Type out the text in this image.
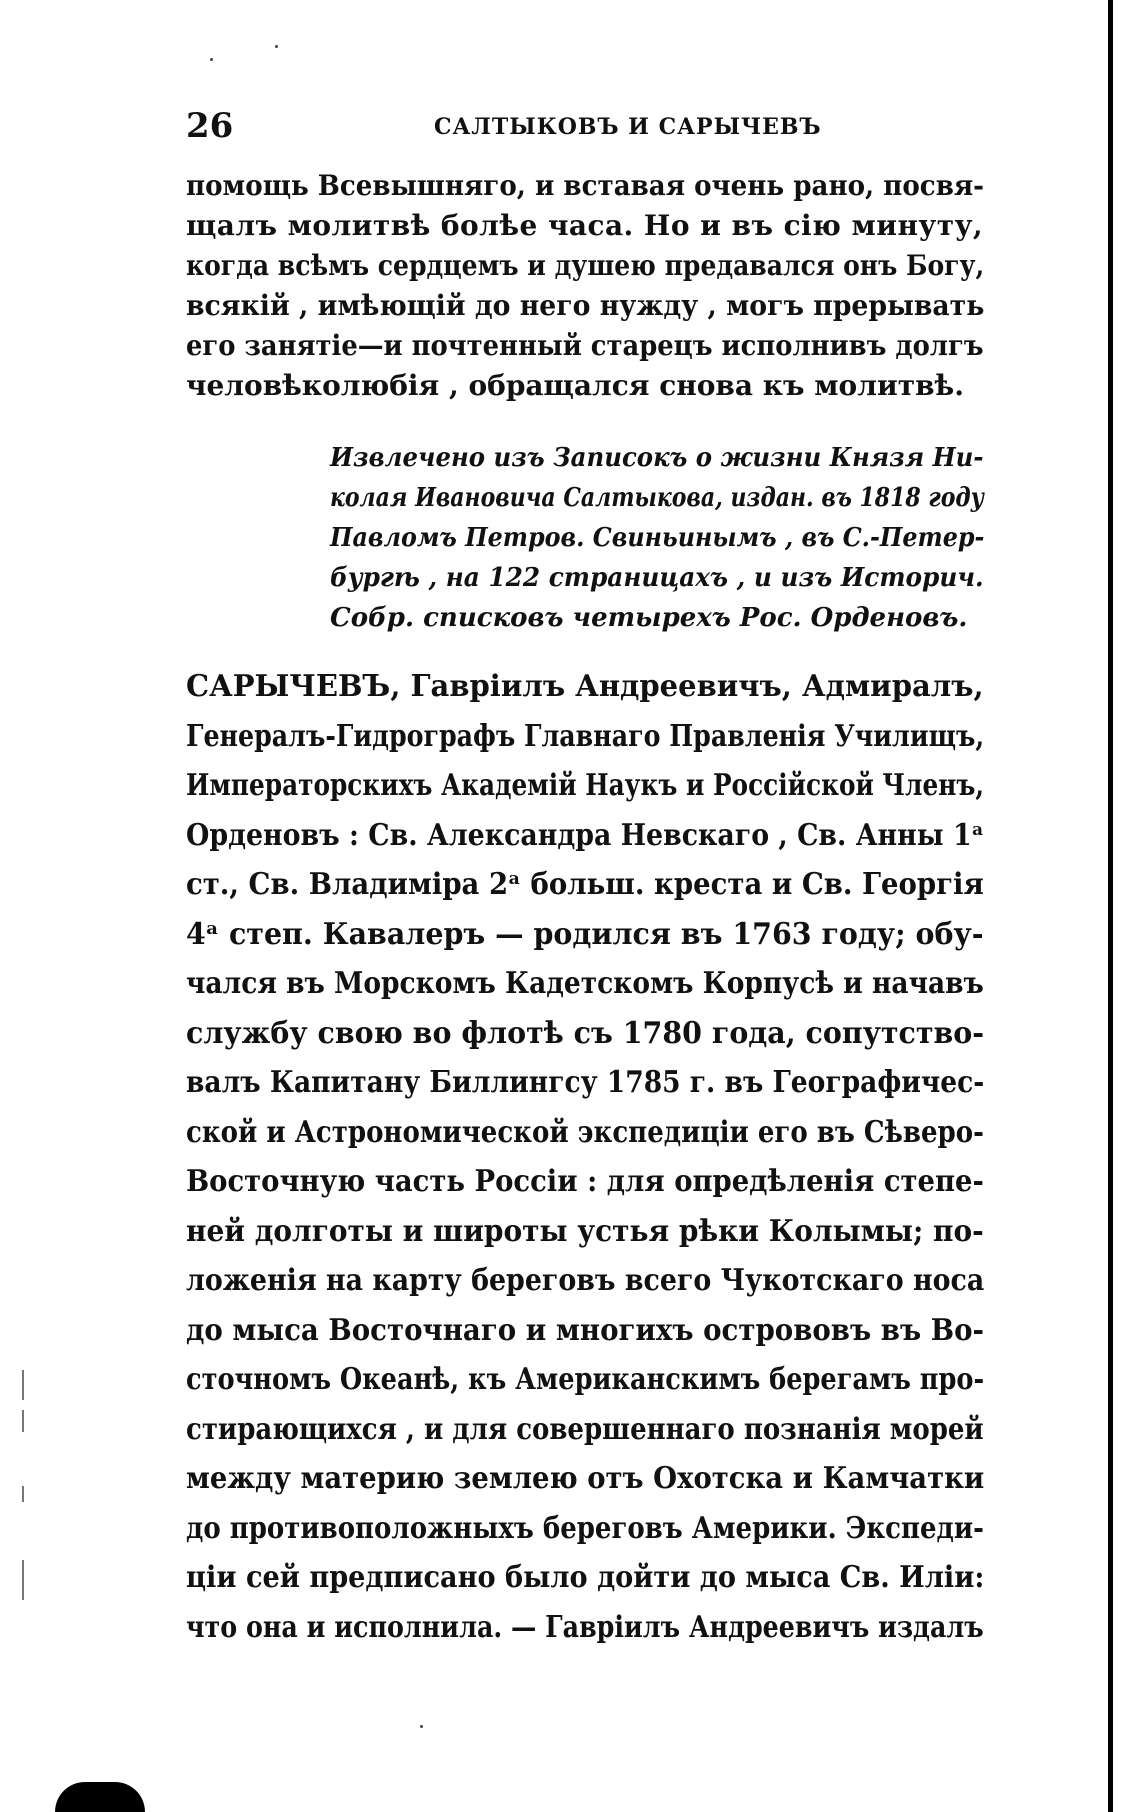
26	САЛТЫКОВЪ И САРЫЧЕВЪ
помощь Всевышняго, и вставая очень рано, посвя-
щалъ молитвѣ болѣе часа. Но и въ сію минуту,
когда всѣмъ сердцемъ и душею предавался онъ Богу,
всякій , имѣющій до него нужду , могъ прерывать
его занятіе—и почтенный старецъ исполнивъ долгъ
человѣколюбія , обращался снова къ молитвѣ.
Извлечено изъ Записокъ о жизни Князя Ни-
колая Ивановича Салтыкова, издан. въ 1818 году
Павломъ Петров. Свиньинымъ , въ С.-Петер-
бургѣ , на 122 страницахъ , и изъ Историч.
Собр. списковъ четырехъ Рос. Орденовъ.
САРЫЧЕВЪ, Гавріилъ Андреевичъ, Адмиралъ,
Генералъ-Гидрографъ Главнаго Правленія Училищъ,
Императорскихъ Академій Наукъ и Россійской Членъ,
Орденовъ : Св. Александра Невскаго , Св. Анны 1ᵃ
ст., Св. Владиміра 2ᵃ больш. креста и Св. Георгія
4ᵃ степ. Кавалеръ — родился въ 1763 году; обу-
чался въ Морскомъ Кадетскомъ Корпусѣ и начавъ
службу свою во флотѣ съ 1780 года, сопутство-
валъ Капитану Биллингсу 1785 г. въ Географичес-
ской и Астрономической экспедиціи его въ Сѣверо-
Восточную часть Россіи : для опредѣленія степе-
ней долготы и широты устья рѣки Колымы; по-
ложенія на карту береговъ всего Чукотскаго носа
до мыса Восточнаго и многихъ острововъ въ Во-
сточномъ Океанѣ, къ Американскимъ берегамъ про-
стирающихся , и для совершеннаго познанія морей
между материю землею отъ Охотска и Камчатки
до противоположныхъ береговъ Америки. Экспеди-
ціи сей предписано было дойти до мыса Св. Иліи:
что она и исполнила. — Гавріилъ Андреевичъ издалъ
